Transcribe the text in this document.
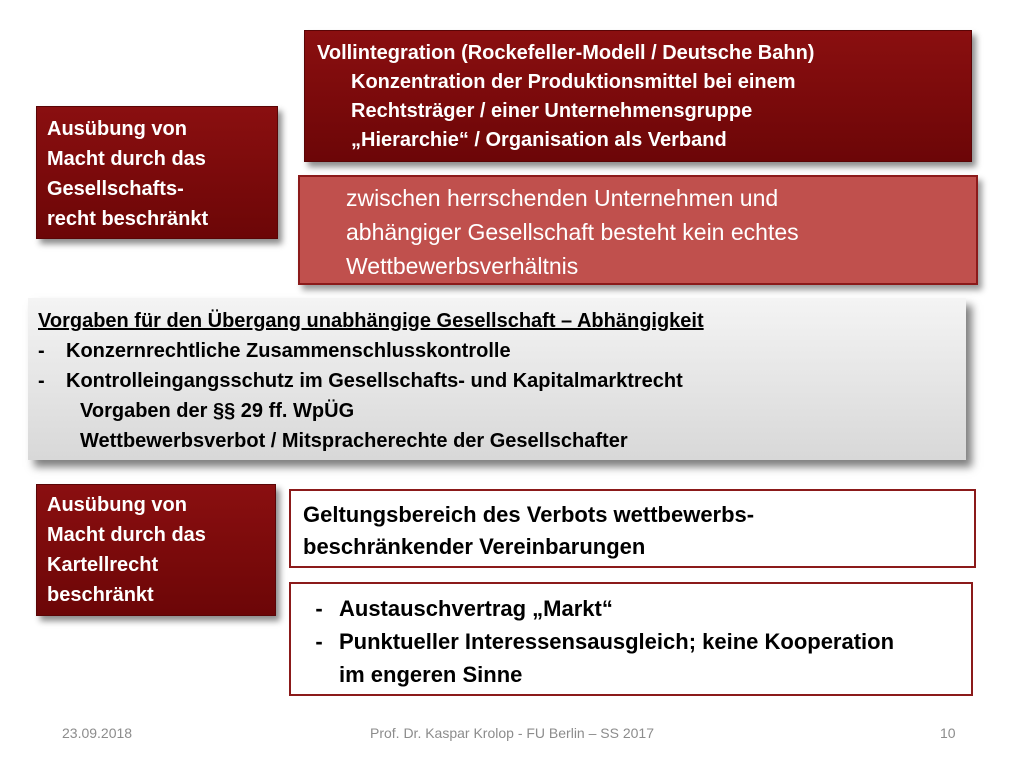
Vollintegration (Rockefeller-Modell / Deutsche Bahn)
Konzentration der Produktionsmittel bei einem
Rechtsträger / einer Unternehmensgruppe
„Hierarchie“ / Organisation als Verband
Ausübung von
Macht durch das
Gesellschafts-
recht beschränkt
zwischen herrschenden Unternehmen und
abhängiger Gesellschaft besteht kein echtes
Wettbewerbsverhältnis
Vorgaben für den Übergang unabhängige Gesellschaft – Abhängigkeit
- Konzernrechtliche Zusammenschlusskontrolle
- Kontrolleingangsschutz im Gesellschafts- und Kapitalmarktrecht
Vorgaben der §§ 29 ff. WpÜG
Wettbewerbsverbot / Mitspracherechte der Gesellschafter
Ausübung von
Macht durch das
Kartellrecht
beschränkt
Geltungsbereich des Verbots wettbewerbs-
beschränkender Vereinbarungen
- Austauschvertrag „Markt“
- Punktueller Interessensausgleich; keine Kooperation
im engeren Sinne
23.09.2018	Prof. Dr. Kaspar Krolop - FU Berlin – SS 2017	10
